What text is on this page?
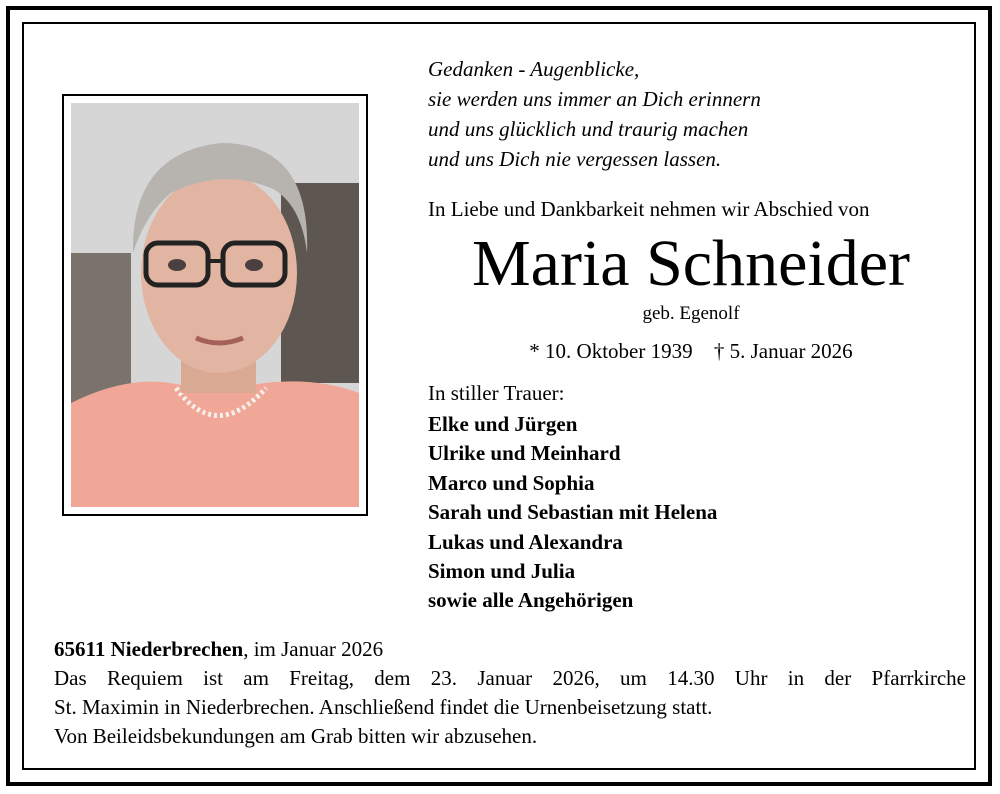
Gedanken - Augenblicke,
sie werden uns immer an Dich erinnern
und uns glücklich und traurig machen
und uns Dich nie vergessen lassen.
In Liebe und Dankbarkeit nehmen wir Abschied von
Maria Schneider
geb. Egenolf
* 10. Oktober 1939 † 5. Januar 2026
In stiller Trauer:
Elke und Jürgen
Ulrike und Meinhard
Marco und Sophia
Sarah und Sebastian mit Helena
Lukas und Alexandra
Simon und Julia
sowie alle Angehörigen
65611 Niederbrechen, im Januar 2026
Das Requiem ist am Freitag, dem 23. Januar 2026, um 14.30 Uhr in der Pfarrkirche
St. Maximin in Niederbrechen. Anschließend findet die Urnenbeisetzung statt.
Von Beileidsbekundungen am Grab bitten wir abzusehen.
